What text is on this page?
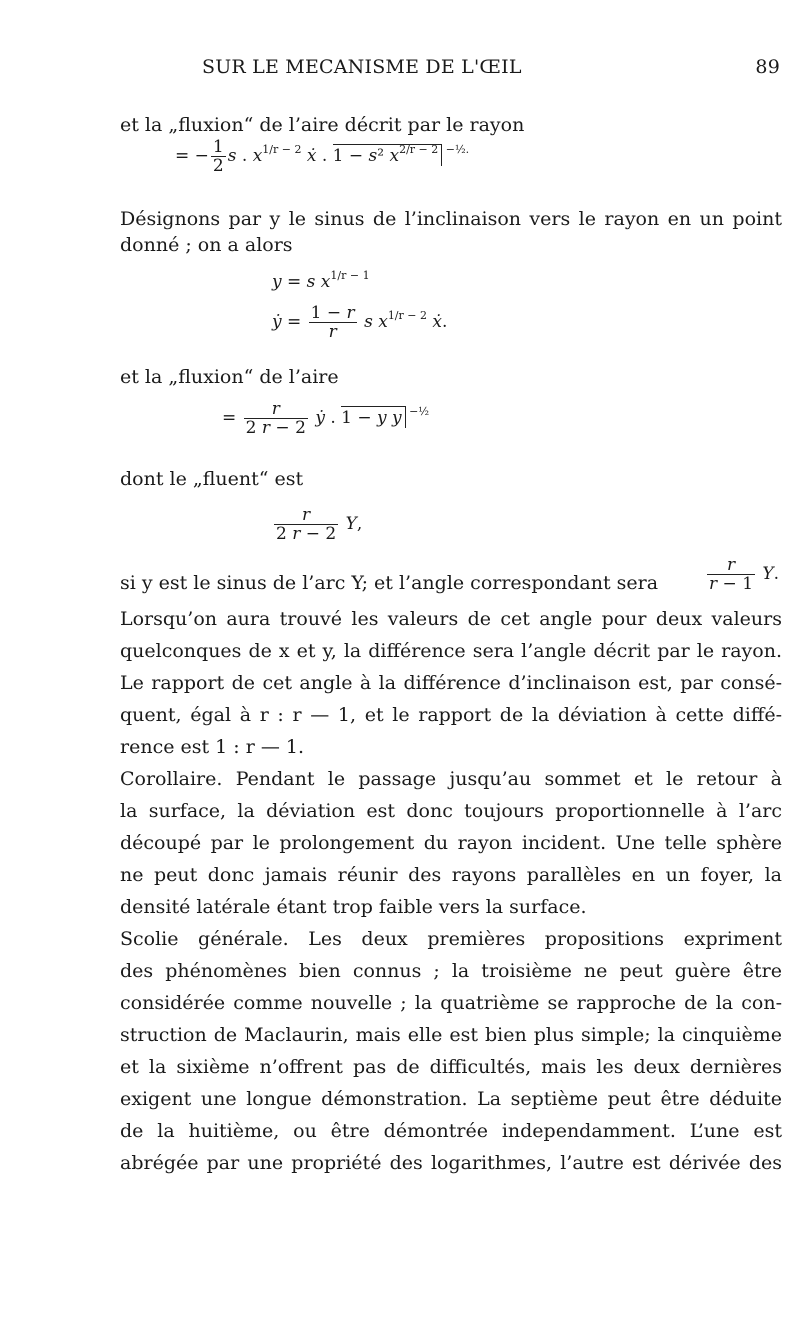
SUR LE MECANISME DE L'ŒIL	89
et la „fluxion“ de l’aire décrit par le rayon
= − $\frac{1}{2}$ s . $x^{1/r - 2}$ ẋ . 1 − s² $x^{2/r - 2}$ $^{-\frac{1}{2}.}$
Désignons par y le sinus de l’inclinaison vers le rayon en un point
donné ; on a alors
y = s $x^{1/r - 1}$
ẏ = $\frac{1 - r}{r}$ s $x^{1/r - 2}$ ẋ.
et la „fluxion“ de l’aire
= $\frac{r}{2 r - 2}$ ẏ . 1 − y y $^{-\frac{1}{2}}$
dont le „fluent“ est
$\frac{r}{2 r - 2} Y$,
si y est le sinus de l’arc Y; et l’angle correspondant sera	$\frac{r}{r - 1} Y$.
Lorsqu’on aura trouvé les valeurs de cet angle pour deux valeurs
quelconques de x et y, la différence sera l’angle décrit par le rayon.
Le rapport de cet angle à la différence d’inclinaison est, par consé-
quent, égal à r : r — 1, et le rapport de la déviation à cette diffé-
rence est 1 : r — 1.
Corollaire. Pendant le passage jusqu’au sommet et le retour à
la surface, la déviation est donc toujours proportionnelle à l’arc
découpé par le prolongement du rayon incident. Une telle sphère
ne peut donc jamais réunir des rayons parallèles en un foyer, la
densité latérale étant trop faible vers la surface.
Scolie générale. Les deux premières propositions expriment
des phénomènes bien connus ; la troisième ne peut guère être
considérée comme nouvelle ; la quatrième se rapproche de la con-
struction de Maclaurin, mais elle est bien plus simple; la cinquième
et la sixième n’offrent pas de difficultés, mais les deux dernières
exigent une longue démonstration. La septième peut être déduite
de la huitième, ou être démontrée independamment. L’une est
abrégée par une propriété des logarithmes, l’autre est dérivée des
